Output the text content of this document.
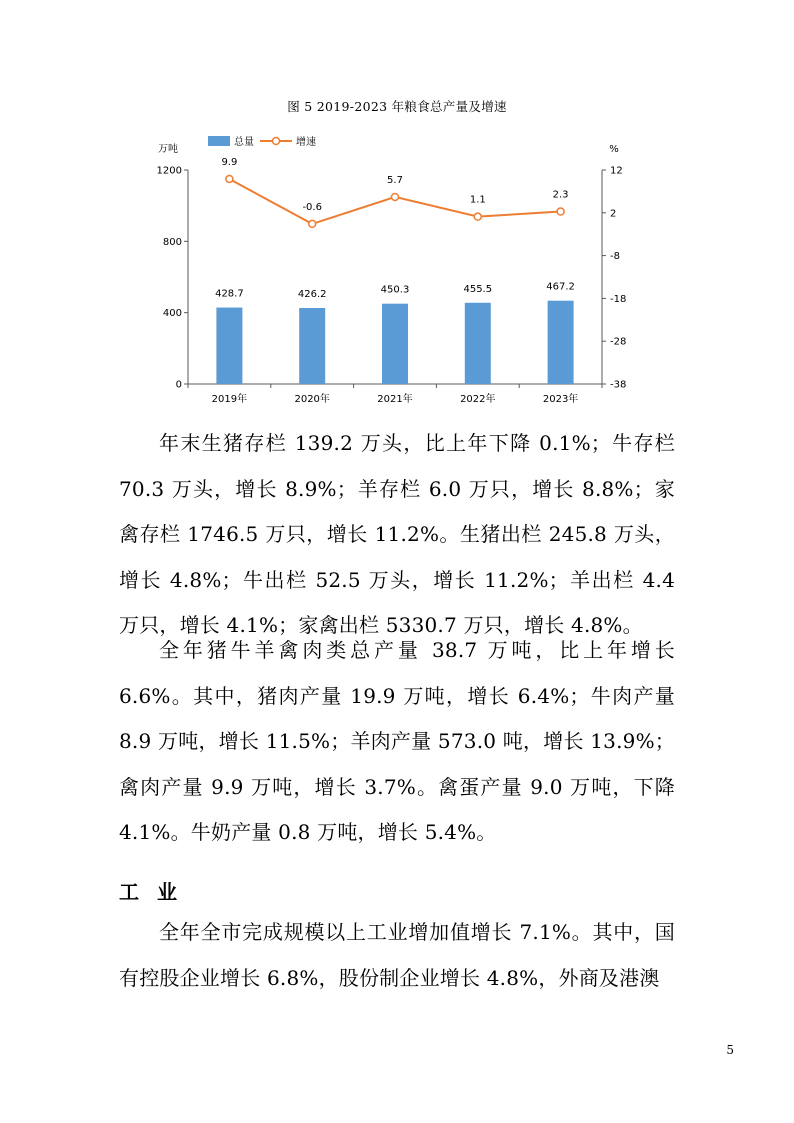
图 5 2019-2023 年粮食总产量及增速
0
400
800
1200	12
2
-8
-18
-28
-38
万吨	%
2019年	2020年	2021年	2022年	2023年
428.7	426.2	450.3	455.5	467.2
9.9
-0.6
5.7
1.1	2.3
总量	增速

年末生猪存栏 139.2 万头，比上年下降 0.1%；牛存栏 70.3 万头，增长 8.9%；羊存栏 6.0 万只，增长 8.8%；家禽存栏 1746.5 万只，增长 11.2%。生猪出栏 245.8 万头，增长 4.8%；牛出栏 52.5 万头，增长 11.2%；羊出栏 4.4 万只，增长 4.1%；家禽出栏 5330.7 万只，增长 4.8%。

全年猪牛羊禽肉类总产量 38.7 万吨，比上年增长 6.6%。其中，猪肉产量 19.9 万吨，增长 6.4%；牛肉产量 8.9 万吨，增长 11.5%；羊肉产量 573.0 吨，增长 13.9%；禽肉产量 9.9 万吨，增长 3.7%。禽蛋产量 9.0 万吨，下降 4.1%。牛奶产量 0.8 万吨，增长 5.4%。

工业

全年全市完成规模以上工业增加值增长 7.1%。其中，国有控股企业增长 6.8%，股份制企业增长 4.8%，外商及港澳

5
